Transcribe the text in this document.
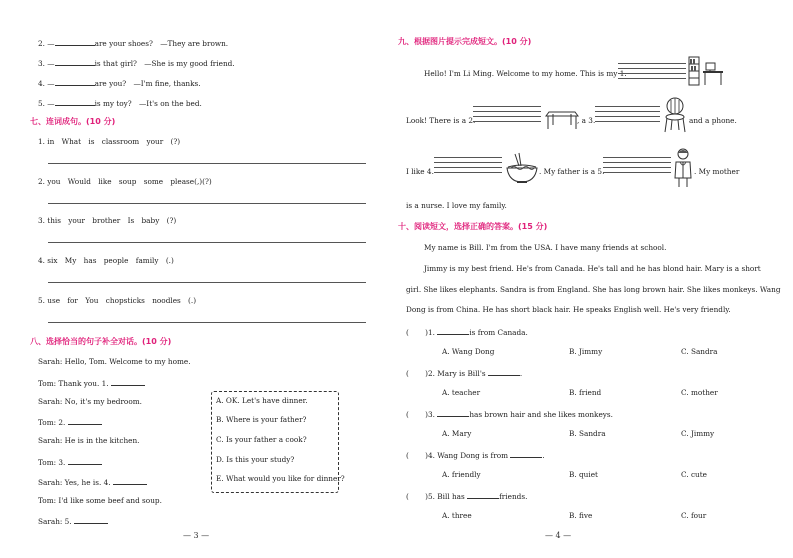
2. —	are your shoes?　—They are brown.
3. —	is that girl?　—She is my good friend.
4. —	are you?　—I'm fine, thanks.
5. —	is my toy?　—It's on the bed.
七、连词成句。(10 分)
1. in　What　is　classroom　your　(?)
2. you　Would　like　soup　some　please(,)(?)
3. this　your　brother　Is　baby　(?)
4. six　My　has　people　family　(.)
5. use　for　You　chopsticks　noodles　(.)
八、选择恰当的句子补全对话。(10 分)
Sarah: Hello, Tom. Welcome to my home.
Tom: Thank you. 1.
Sarah: No, it's my bedroom.
Tom: 2.
Sarah: He is in the kitchen.
Tom: 3.
Sarah: Yes, he is. 4.
Tom: I'd like some beef and soup.
Sarah: 5.
A. OK. Let's have dinner.
B. Where is your father?
C. Is your father a cook?
D. Is this your study?
E. What would you like for dinner?
— 3 —
九、根据图片提示完成短文。(10 分)
Hello! I'm Li Ming. Welcome to my home. This is my 1.
Look! There is a 2.	, a 3.	and a phone.
I like 4.	. My father is a 5.	. My mother
is a nurse. I love my family.
十、阅读短文，选择正确的答案。(15 分)
My name is Bill. I'm from the USA. I have many friends at school.
Jimmy is my best friend. He's from Canada. He's tall and he has blond hair. Mary is a short
girl. She likes elephants. Sandra is from England. She has long brown hair. She likes monkeys. Wang
Dong is from China. He has short black hair. He speaks English well. He's very friendly.
( )1.	is from Canada.
A. Wang Dong	B. Jimmy	C. Sandra
( )2. Mary is Bill's	.
A. teacher	B. friend	C. mother
( )3.	has brown hair and she likes monkeys.
A. Mary	B. Sandra	C. Jimmy
( )4. Wang Dong is from	.
A. friendly	B. quiet	C. cute
( )5. Bill has	friends.
A. three	B. five	C. four
— 4 —
